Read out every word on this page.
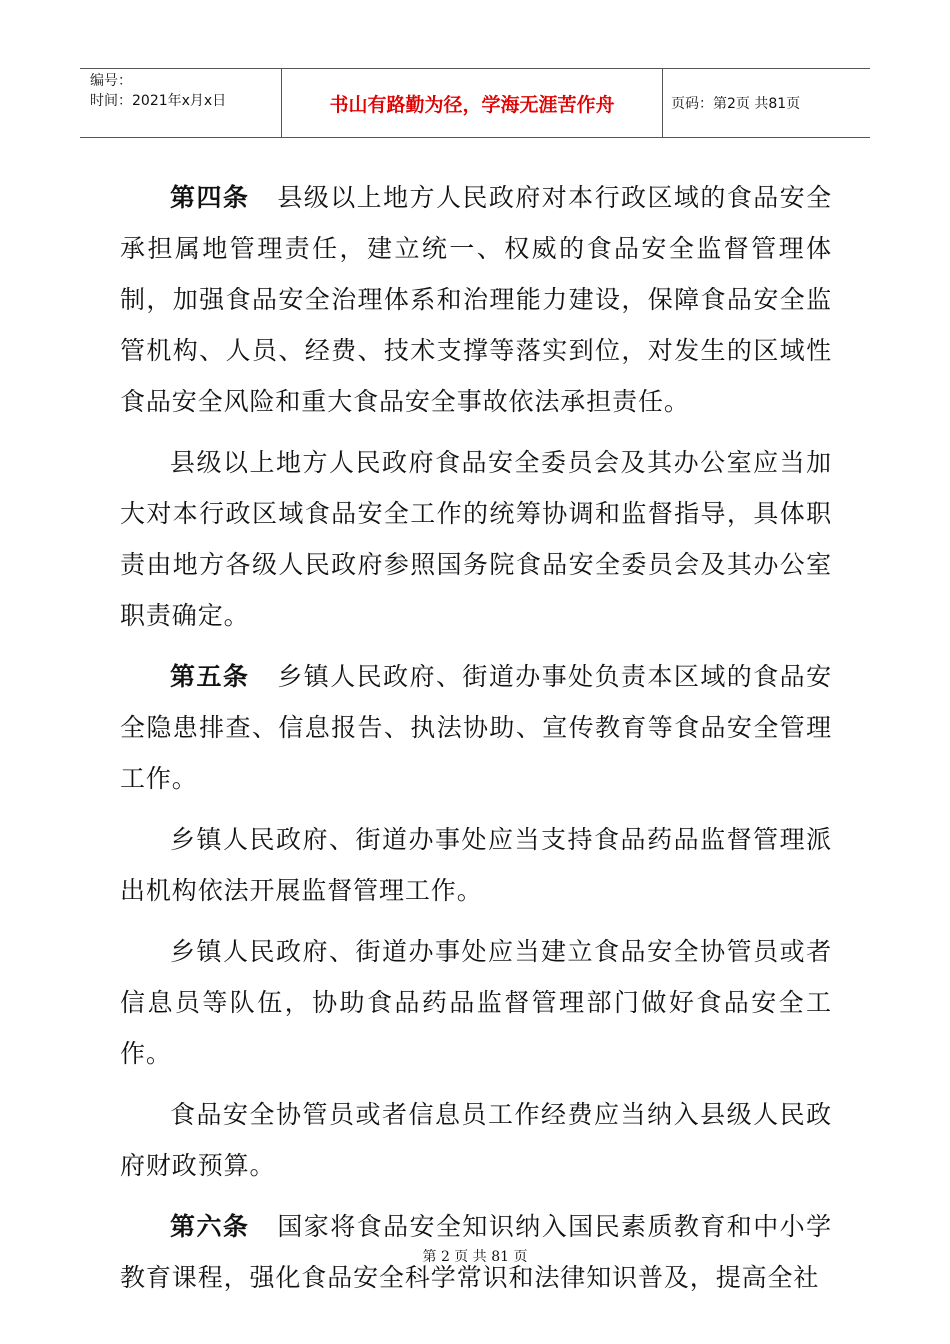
编号：
时间：2021年x月x日	书山有路勤为径，学海无涯苦作舟	页码：第2页 共81页

第四条 县级以上地方人民政府对本行政区域的食品安全承担属地管理责任，建立统一、权威的食品安全监督管理体制，加强食品安全治理体系和治理能力建设，保障食品安全监管机构、人员、经费、技术支撑等落实到位，对发生的区域性食品安全风险和重大食品安全事故依法承担责任。

县级以上地方人民政府食品安全委员会及其办公室应当加大对本行政区域食品安全工作的统筹协调和监督指导，具体职责由地方各级人民政府参照国务院食品安全委员会及其办公室职责确定。

第五条 乡镇人民政府、街道办事处负责本区域的食品安全隐患排查、信息报告、执法协助、宣传教育等食品安全管理工作。

乡镇人民政府、街道办事处应当支持食品药品监督管理派出机构依法开展监督管理工作。

乡镇人民政府、街道办事处应当建立食品安全协管员或者信息员等队伍，协助食品药品监督管理部门做好食品安全工作。

食品安全协管员或者信息员工作经费应当纳入县级人民政府财政预算。

第六条 国家将食品安全知识纳入国民素质教育和中小学教育课程，强化食品安全科学常识和法律知识普及，提高全社

第 2 页 共 81 页
